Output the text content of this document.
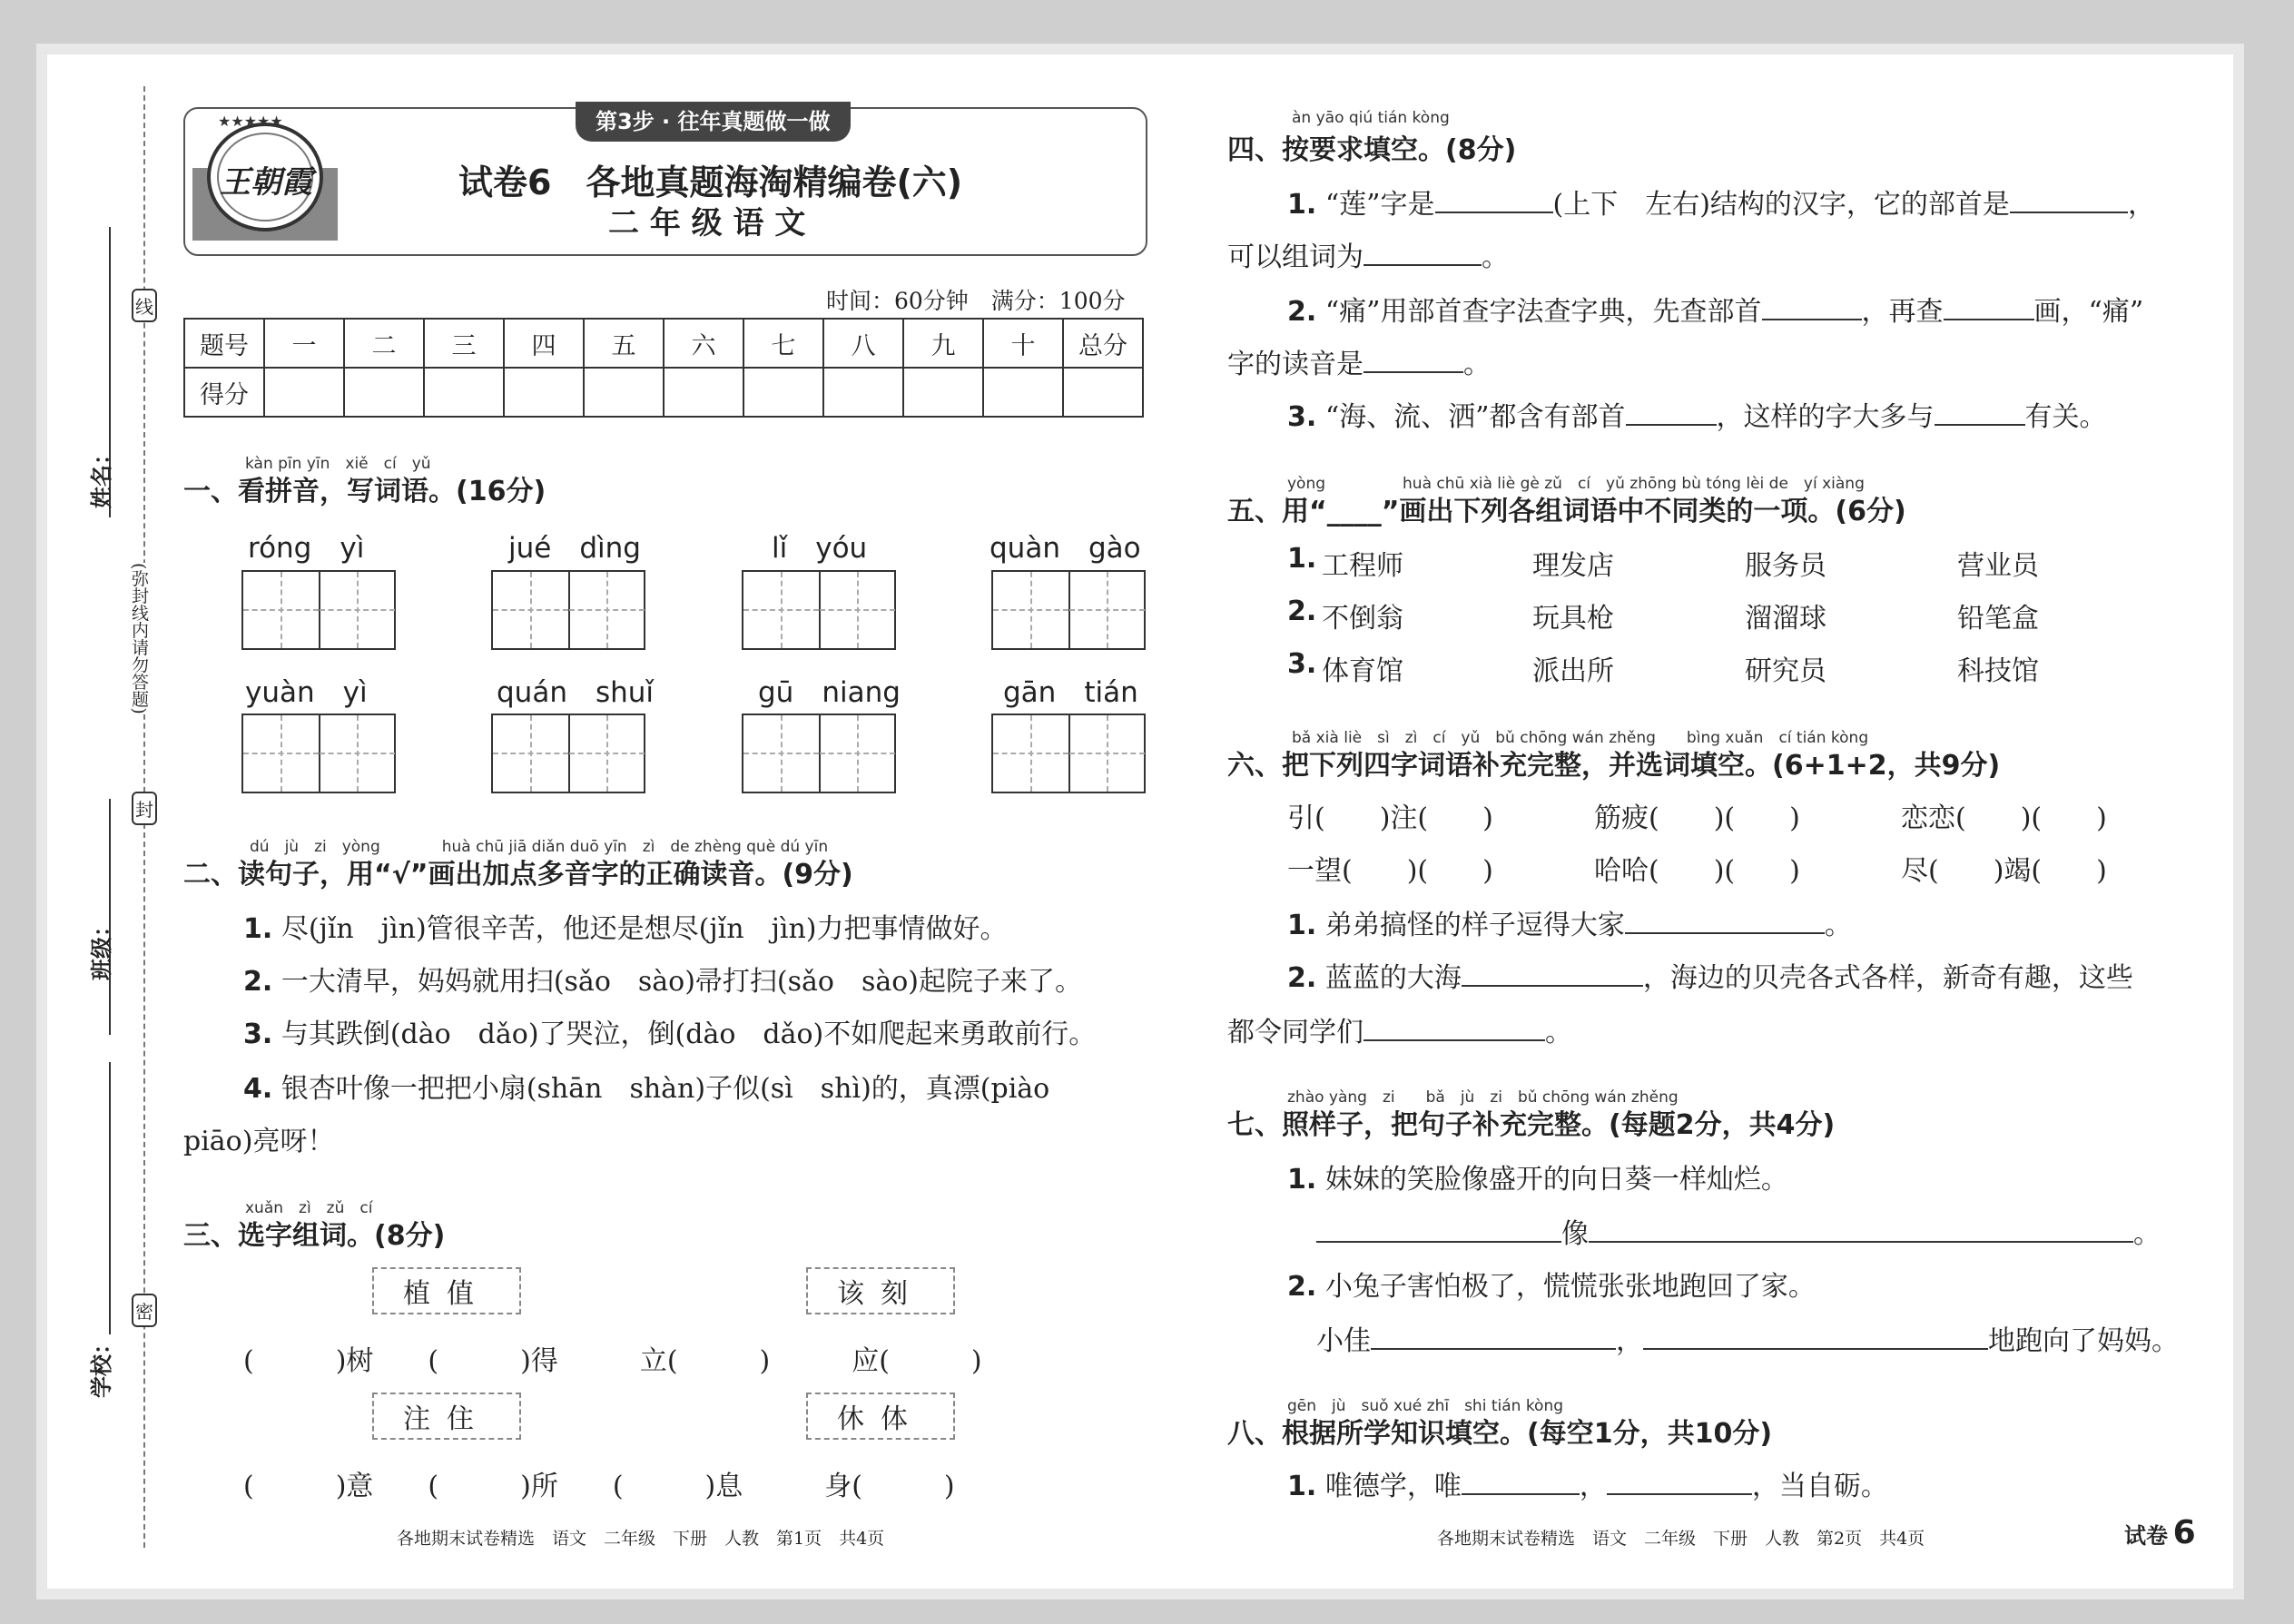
姓名：
班级：
学校：
线
封
密
(弥封线内请勿答题)
★★★★★
王朝霞
第3步 · 往年真题做一做
试卷6　各地真题海淘精编卷(六)
二 年 级 语 文
时间：60分钟　满分：100分
题号	一	二	三	四	五	六	七	八	九	十	总分
得分											
kàn pīn yīn　xiě　cí　yǔ
一、看拼音，写词语。(16分)
róng　yì	jué　dìng	lǐ　yóu	quàn　gào
yuàn　yì	quán　shuǐ	gū　niang	gān　tián
dú　jù　zi　yòng　　　　huà chū jiā diǎn duō yīn　zì　de zhèng què dú yīn
二、读句子，用“√”画出加点多音字的正确读音。(9分)
1. 尽(jǐn　jìn)管很辛苦，他还是想尽(jǐn　jìn)力把事情做好。
2. 一大清早，妈妈就用扫(sǎo　sào)帚打扫(sǎo　sào)起院子来了。
3. 与其跌倒(dào　dǎo)了哭泣，倒(dào　dǎo)不如爬起来勇敢前行。
4. 银杏叶像一把把小扇(shān　shàn)子似(sì　shì)的，真漂(piào
piāo)亮呀！
xuǎn　zì　zǔ　cí
三、选字组词。(8分)
植值	该刻
(　　　)树　　(　　　)得　　　立(　　　)　　　应(　　　)
注住	休体
(　　　)意　　(　　　)所　　(　　　)息　　　身(　　　)
各地期末试卷精选　语文　二年级　下册　人教　第1页　共4页
àn yāo qiú tián kòng
四、按要求填空。(8分)
1. “莲”字是	(上下　左右)结构的汉字，它的部首是	，
可以组词为	。
2. “痛”用部首查字法查字典，先查部首	，再查	画，“痛”
字的读音是	。
3. “海、流、洒”都含有部首	，这样的字大多与	有关。
yòng　　　　　huà chū xià liè gè zǔ　cí　yǔ zhōng bù tóng lèi de　yí xiàng
五、用“____”画出下列各组词语中不同类的一项。(6分)
1. 工程师	理发店	服务员	营业员
2. 不倒翁	玩具枪	溜溜球	铅笔盒
3. 体育馆	派出所	研究员	科技馆
bǎ xià liè　sì　zì　cí　yǔ　bǔ chōng wán zhěng　　bìng xuǎn　cí tián kòng
六、把下列四字词语补充完整，并选词填空。(6+1+2，共9分)
引(　　)注(　　)	筋疲(　　)(　　)	恋恋(　　)(　　)
一望(　　)(　　)	哈哈(　　)(　　)	尽(　　)竭(　　)
1. 弟弟搞怪的样子逗得大家	。
2. 蓝蓝的大海	，海边的贝壳各式各样，新奇有趣，这些
都令同学们	。
zhào yàng　zi　　bǎ　jù　zi　bǔ chōng wán zhěng
七、照样子，把句子补充完整。(每题2分，共4分)
1. 妹妹的笑脸像盛开的向日葵一样灿烂。
像	。
2. 小兔子害怕极了，慌慌张张地跑回了家。
小佳	，	地跑向了妈妈。
gēn　jù　suǒ xué zhī　shi tián kòng
八、根据所学知识填空。(每空1分，共10分)
1. 唯德学，唯	，	，当自砺。
各地期末试卷精选　语文　二年级　下册　人教　第2页　共4页	试卷 6
